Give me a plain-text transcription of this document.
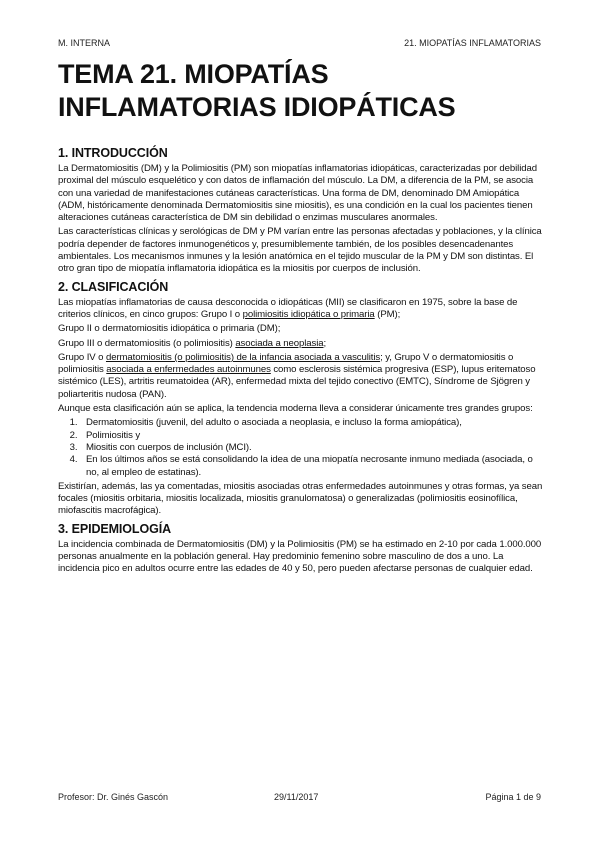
M. INTERNA	21. MIOPATÍAS INFLAMATORIAS
TEMA 21. MIOPATÍAS INFLAMATORIAS IDIOPÁTICAS
1. INTRODUCCIÓN

La Dermatomiositis (DM) y la Polimiositis (PM) son miopatías inflamatorias idiopáticas, caracterizadas por debilidad proximal del músculo esquelético y con datos de inflamación del músculo. La DM, a diferencia de la PM, se asocia con una variedad de manifestaciones cutáneas características. Una forma de DM, denominado DM Amiopática (ADM, históricamente denominada Dermatomiositis sine miositis), es una condición en la cual los pacientes tienen alteraciones cutáneas característica de DM sin debilidad o enzimas musculares anormales.

Las características clínicas y serológicas de DM y PM varían entre las personas afectadas y poblaciones, y la clínica podría depender de factores inmunogenéticos y, presumiblemente también, de los posibles desencadenantes ambientales. Los mecanismos inmunes y la lesión anatómica en el tejido muscular de la PM y DM son distintas. El otro gran tipo de miopatía inflamatoria idiopática es la miositis por cuerpos de inclusión.

2. CLASIFICACIÓN

Las miopatías inflamatorias de causa desconocida o idiopáticas (MII) se clasificaron en 1975, sobre la base de criterios clínicos, en cinco grupos: Grupo I o polimiositis idiopática o primaria (PM);

Grupo II o dermatomiositis idiopática o primaria (DM);

Grupo III o dermatomiositis (o polimiositis) asociada a neoplasia;

Grupo IV o dermatomiositis (o polimiositis) de la infancia asociada a vasculitis; y, Grupo V o dermatomiositis o polimiositis asociada a enfermedades autoinmunes como esclerosis sistémica progresiva (ESP), lupus eritematoso sistémico (LES), artritis reumatoidea (AR), enfermedad mixta del tejido conectivo (EMTC), Síndrome de Sjögren y poliarteritis nudosa (PAN).

Aunque esta clasificación aún se aplica, la tendencia moderna lleva a considerar únicamente tres grandes grupos:

1. Dermatomiositis (juvenil, del adulto o asociada a neoplasia, e incluso la forma amiopática),
2. Polimiositis y
3. Miositis con cuerpos de inclusión (MCI).
4. En los últimos años se está consolidando la idea de una miopatía necrosante inmuno mediada (asociada, o no, al empleo de estatinas).

Existirían, además, las ya comentadas, miositis asociadas otras enfermedades autoinmunes y otras formas, ya sean focales (miositis orbitaria, miositis localizada, miositis granulomatosa) o generalizadas (polimiositis eosinofílica, miofascitis macrofágica).

3. EPIDEMIOLOGÍA

La incidencia combinada de Dermatomiositis (DM) y la Polimiositis (PM) se ha estimado en 2-10 por cada 1.000.000 personas anualmente en la población general. Hay predominio femenino sobre masculino de dos a uno. La incidencia pico en adultos ocurre entre las edades de 40 y 50, pero pueden afectarse personas de cualquier edad.

Profesor: Dr. Ginés Gascón	29/11/2017	Página 1 de 9
